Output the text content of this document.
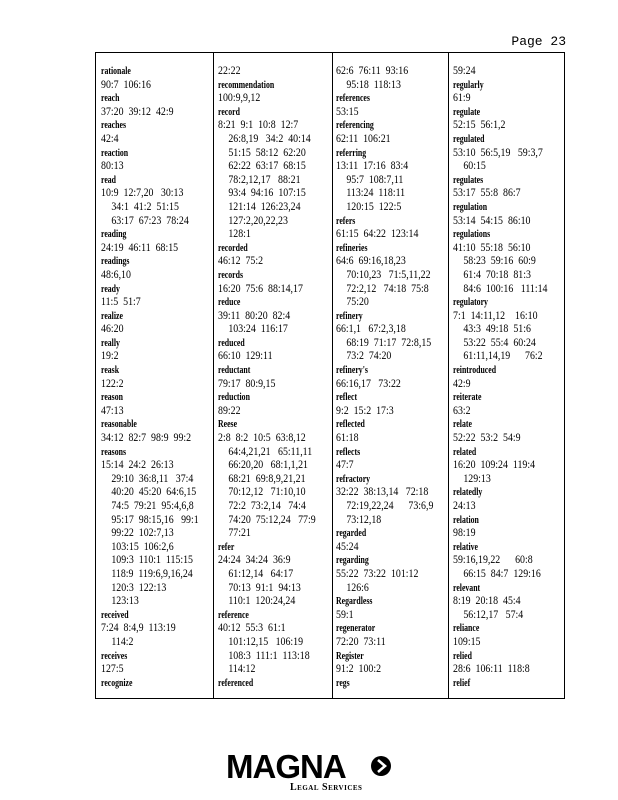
Page 23
rationale
90:7  106:16
reach
37:20  39:12  42:9
reaches
42:4
reaction
80:13
read
10:9  12:7,20   30:13
34:1  41:2  51:15
63:17  67:23  78:24
reading
24:19  46:11  68:15
readings
48:6,10
ready
11:5  51:7
realize
46:20
really
19:2
reask
122:2
reason
47:13
reasonable
34:12  82:7  98:9  99:2
reasons
15:14  24:2  26:13
29:10  36:8,11   37:4
40:20  45:20  64:6,15
74:5  79:21  95:4,6,8
95:17  98:15,16   99:1
99:22  102:7,13
103:15  106:2,6
109:3  110:1  115:15
118:9  119:6,9,16,24
120:3  122:13
123:13
received
7:24  8:4,9  113:19
114:2
receives
127:5
recognize
22:22
recommendation
100:9,9,12
record
8:21  9:1  10:8  12:7
26:8,19   34:2  40:14
51:15  58:12  62:20
62:22  63:17  68:15
78:2,12,17   88:21
93:4  94:16  107:15
121:14  126:23,24
127:2,20,22,23
128:1
recorded
46:12  75:2
records
16:20  75:6  88:14,17
reduce
39:11  80:20  82:4
103:24  116:17
reduced
66:10  129:11
reductant
79:17  80:9,15
reduction
89:22
Reese
2:8  8:2  10:5  63:8,12
64:4,21,21   65:11,11
66:20,20   68:1,1,21
68:21  69:8,9,21,21
70:12,12   71:10,10
72:2  73:2,14   74:4
74:20  75:12,24   77:9
77:21
refer
24:24  34:24  36:9
61:12,14   64:17
70:13  91:1  94:13
110:1  120:24,24
reference
40:12  55:3  61:1
101:12,15   106:19
108:3  111:1  113:18
114:12
referenced
62:6  76:11  93:16
95:18  118:13
references
53:15
referencing
62:11  106:21
referring
13:11  17:16  83:4
95:7  108:7,11
113:24  118:11
120:15  122:5
refers
61:15  64:22  123:14
refineries
64:6  69:16,18,23
70:10,23   71:5,11,22
72:2,12   74:18  75:8
75:20
refinery
66:1,1   67:2,3,18
68:19  71:17  72:8,15
73:2  74:20
refinery's
66:16,17   73:22
reflect
9:2  15:2  17:3
reflected
61:18
reflects
47:7
refractory
32:22  38:13,14   72:18
72:19,22,24      73:6,9
73:12,18
regarded
45:24
regarding
55:22  73:22  101:12
126:6
Regardless
59:1
regenerator
72:20  73:11
Register
91:2  100:2
regs
59:24
regularly
61:9
regulate
52:15  56:1,2
regulated
53:10  56:5,19   59:3,7
60:15
regulates
53:17  55:8  86:7
regulation
53:14  54:15  86:10
regulations
41:10  55:18  56:10
58:23  59:16  60:9
61:4  70:18  81:3
84:6  100:16   111:14
regulatory
7:1  14:11,12    16:10
43:3  49:18  51:6
53:22  55:4  60:24
61:11,14,19      76:2
reintroduced
42:9
reiterate
63:2
relate
52:22  53:2  54:9
related
16:20  109:24  119:4
129:13
relatedly
24:13
relation
98:19
relative
59:16,19,22      60:8
66:15  84:7  129:16
relevant
8:19  20:18  45:4
56:12,17   57:4
reliance
109:15
relied
28:6  106:11  118:8
relief
MAGNA
Legal Services
